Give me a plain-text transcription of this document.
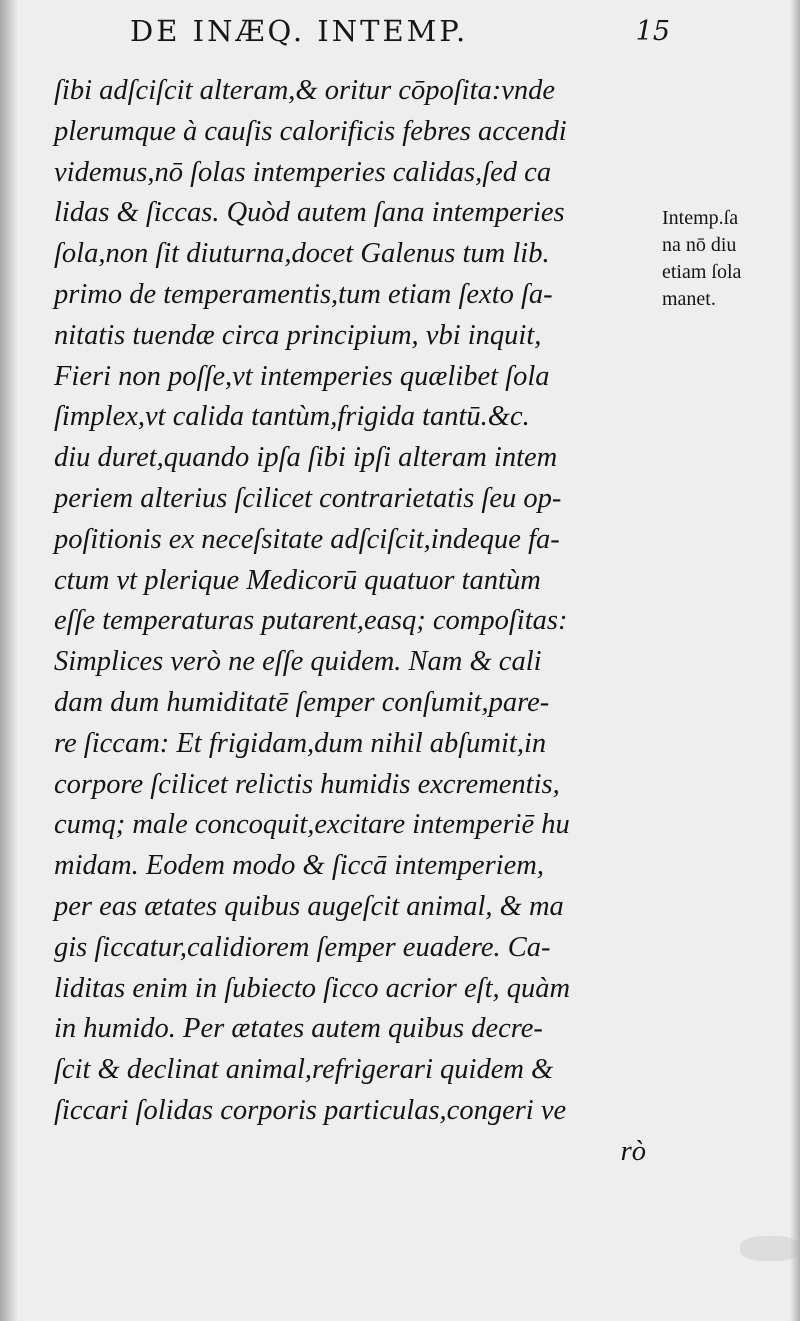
DE INÆQ. INTEMP.	15
ſibi adſciſcit alteram,& oritur cōpoſita:vnde
plerumque à cauſis calorificis febres accendi
videmus,nō ſolas intemperies calidas,ſed ca
lidas & ſiccas. Quòd autem ſana intemperies
ſola,non ſit diuturna,docet Galenus tum lib.
primo de temperamentis,tum etiam ſexto ſa-
nitatis tuendæ circa principium, vbi inquit,
Fieri non poſſe,vt intemperies quælibet ſola
ſimplex,vt calida tantùm,frigida tantū.&c.
diu duret,quando ipſa ſibi ipſi alteram intem
periem alterius ſcilicet contrarietatis ſeu op-
poſitionis ex neceſsitate adſciſcit,indeque fa-
ctum vt plerique Medicorū quatuor tantùm
eſſe temperaturas putarent,easq; compoſitas:
Simplices verò ne eſſe quidem. Nam & cali
dam dum humiditatē ſemper conſumit,pare-
re ſiccam: Et frigidam,dum nihil abſumit,in
corpore ſcilicet relictis humidis excrementis,
cumq; male concoquit,excitare intemperiē hu
midam. Eodem modo & ſiccā intemperiem,
per eas ætates quibus augeſcit animal, & ma
gis ſiccatur,calidiorem ſemper euadere. Ca-
liditas enim in ſubiecto ſicco acrior eſt, quàm
in humido. Per ætates autem quibus decre-
ſcit & declinat animal,refrigerari quidem &
ſiccari ſolidas corporis particulas,congeri ve
rò
Intemp.ſa
na nō diu
etiam ſola
manet.
